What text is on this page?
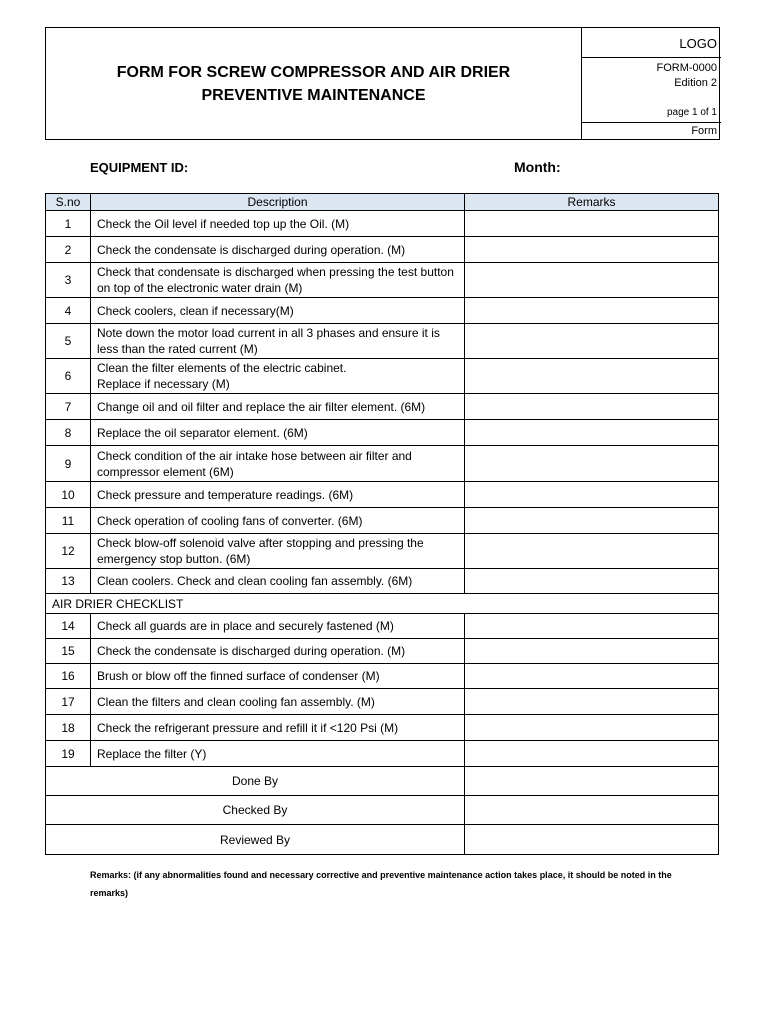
FORM FOR SCREW COMPRESSOR AND AIR DRIER PREVENTIVE MAINTENANCE
LOGO
FORM-0000
Edition 2
page 1 of 1
Form
EQUIPMENT ID:	Month:
S.no	Description	Remarks
1	Check the Oil level if needed top up the Oil. (M)	
2	Check the condensate is discharged during operation. (M)	
3	Check that condensate is discharged when pressing the test button on top of the electronic water drain (M)	
4	Check coolers, clean if necessary(M)	
5	Note down the motor load current in all 3 phases and ensure it is less than the rated current (M)	
6	Clean the filter elements of the electric cabinet.
Replace if necessary (M)	
7	Change oil and oil filter and replace the air filter element. (6M)	
8	Replace the oil separator element. (6M)	
9	Check condition of the air intake hose between air filter and compressor element (6M)	
10	Check pressure and temperature readings. (6M)	
11	Check operation of cooling fans of converter. (6M)	
12	Check blow-off solenoid valve after stopping and pressing the emergency stop button. (6M)	
13	Clean coolers. Check and clean cooling fan assembly. (6M)	
AIR DRIER CHECKLIST		
14	Check all guards are in place and securely fastened (M)	
15	Check the condensate is discharged during operation. (M)	
16	Brush or blow off the finned surface of condenser (M)	
17	Clean the filters and clean cooling fan assembly. (M)	
18	Check the refrigerant pressure and refill it if <120 Psi (M)	
19	Replace the filter (Y)	
Done By		
Checked By		
Reviewed By		
Remarks: (if any abnormalities found and necessary corrective and preventive maintenance action takes place, it should be noted in the remarks)
